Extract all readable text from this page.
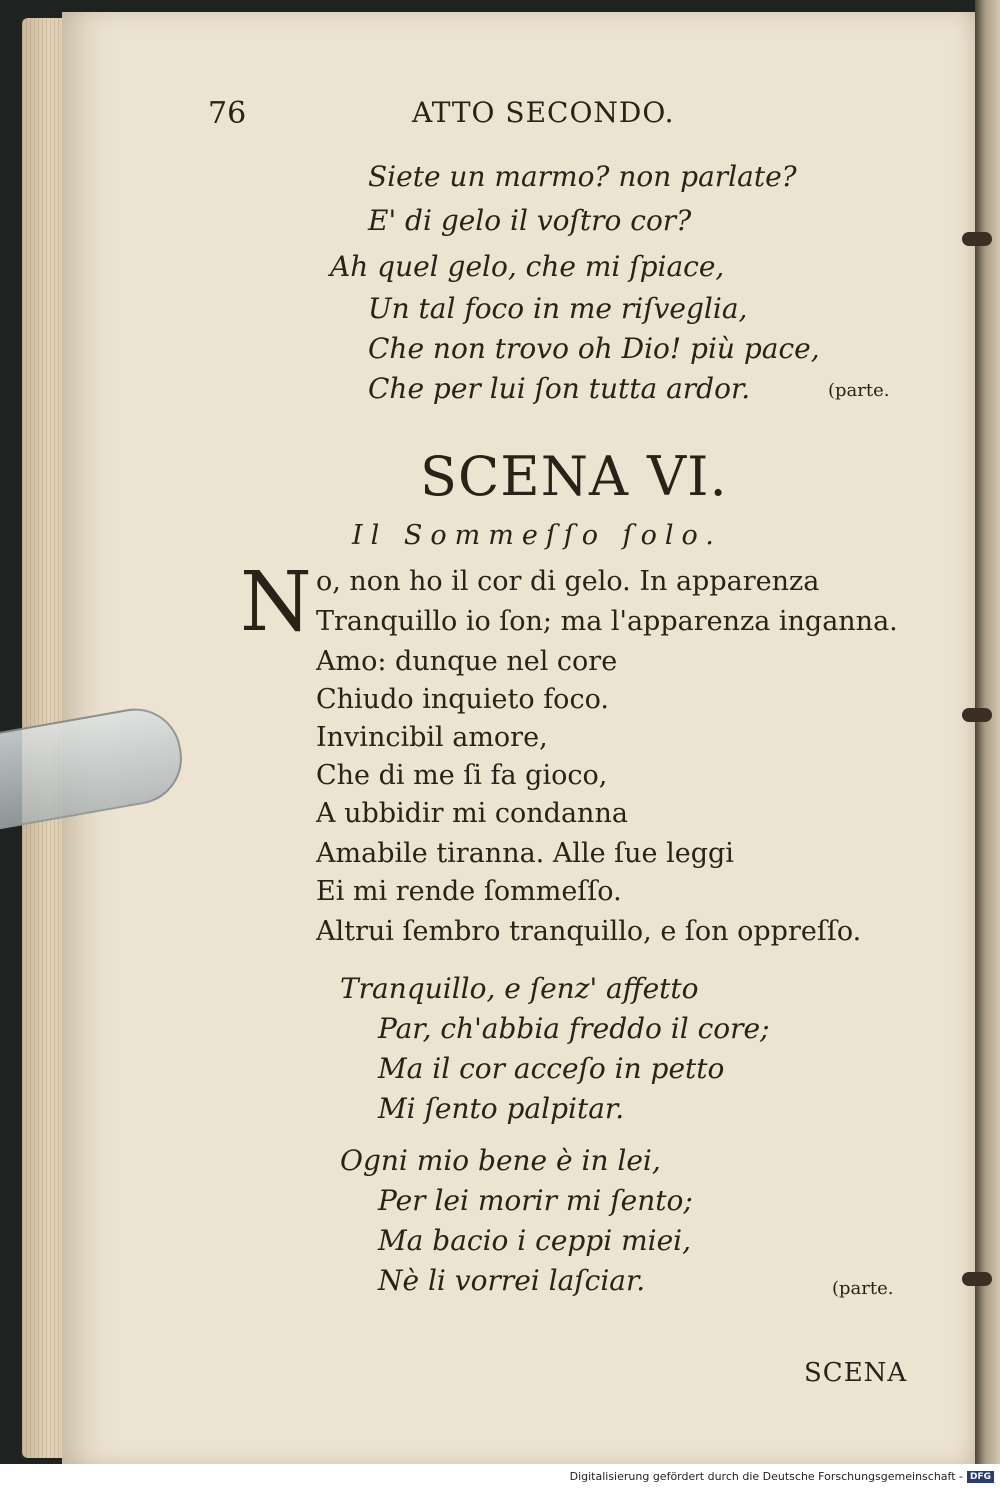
76	ATTO SECONDO.
Siete un marmo? non parlate?
E' di gelo il voſtro cor?
Ah quel gelo, che mi ſpiace,
Un tal foco in me riſveglia,
Che non trovo oh Dio! più pace,
Che per lui ſon tutta ardor.	(parte.
SCENA VI.
Il Sommeſſo ſolo.
N o, non ho il cor di gelo. In apparenza
Tranquillo io ſon; ma l'apparenza inganna.
Amo: dunque nel core
Chiudo inquieto foco.
Invincibil amore,
Che di me ſi fa gioco,
A ubbidir mi condanna
Amabile tiranna. Alle ſue leggi
Ei mi rende ſommeſſo.
Altrui ſembro tranquillo, e ſon oppreſſo.
Tranquillo, e ſenz' affetto
Par, ch'abbia freddo il core;
Ma il cor acceſo in petto
Mi ſento palpitar.
Ogni mio bene è in lei,
Per lei morir mi ſento;
Ma bacio i ceppi miei,
Nè li vorrei laſciar.	(parte.
SCENA
Digitalisierung gefördert durch die Deutsche Forschungsgemeinschaft - DFG
